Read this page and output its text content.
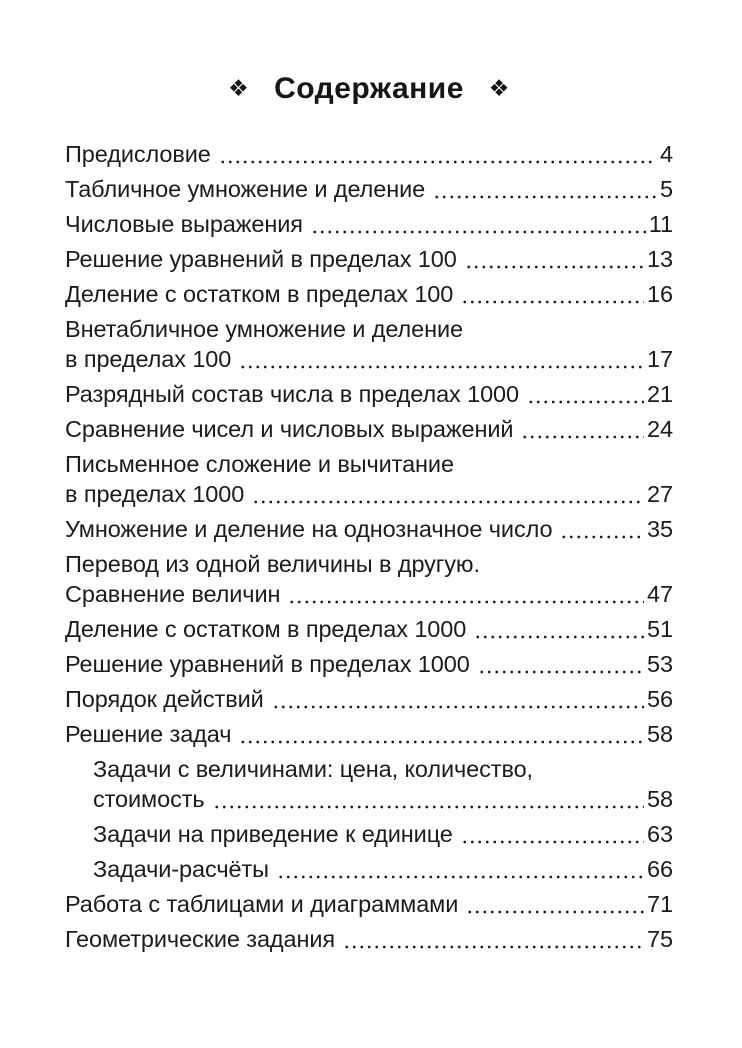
❖ Содержание ❖
Предисловие	4
Табличное умножение и деление	5
Числовые выражения	11
Решение уравнений в пределах 100	13
Деление с остатком в пределах 100	16
Внетабличное умножение и деление
в пределах 100	17
Разрядный состав числа в пределах 1000	21
Сравнение чисел и числовых выражений	24
Письменное сложение и вычитание
в пределах 1000	27
Умножение и деление на однозначное число	35
Перевод из одной величины в другую.
Сравнение величин	47
Деление с остатком в пределах 1000	51
Решение уравнений в пределах 1000	53
Порядок действий	56
Решение задач	58
Задачи с величинами: цена, количество,
стоимость	58
Задачи на приведение к единице	63
Задачи-расчёты	66
Работа с таблицами и диаграммами	71
Геометрические задания	75
